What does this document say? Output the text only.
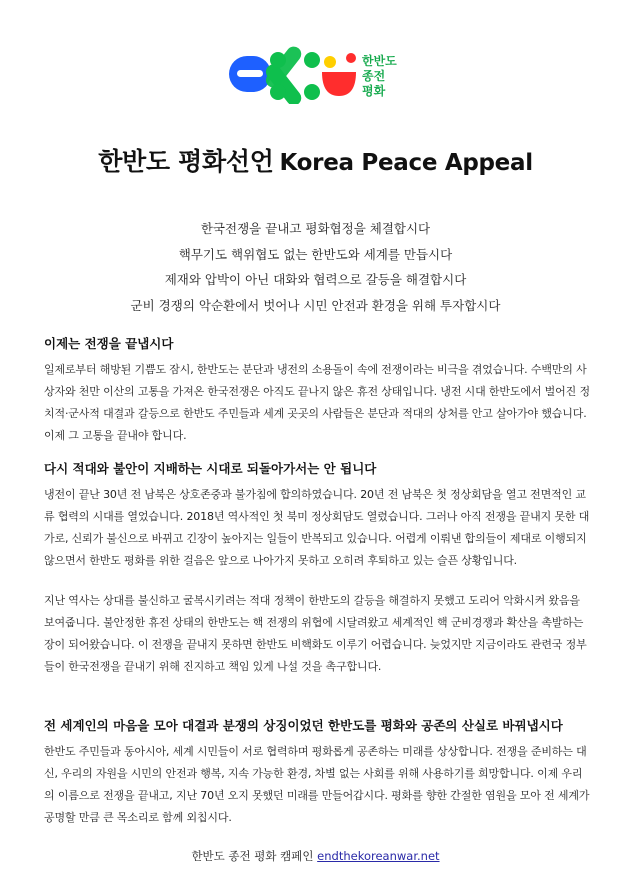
한반도
종전
평화
한반도 평화선언 Korea Peace Appeal
한국전쟁을 끝내고 평화협정을 체결합시다
핵무기도 핵위협도 없는 한반도와 세계를 만듭시다
제재와 압박이 아닌 대화와 협력으로 갈등을 해결합시다
군비 경쟁의 악순환에서 벗어나 시민 안전과 환경을 위해 투자합시다
이제는 전쟁을 끝냅시다

일제로부터 해방된 기쁨도 잠시, 한반도는 분단과 냉전의 소용돌이 속에 전쟁이라는 비극을 겪었습니다. 수백만의 사상자와 천만 이산의 고통을 가져온 한국전쟁은 아직도 끝나지 않은 휴전 상태입니다. 냉전 시대 한반도에서 벌어진 정치적·군사적 대결과 갈등으로 한반도 주민들과 세계 곳곳의 사람들은 분단과 적대의 상처를 안고 살아가야 했습니다. 이제 그 고통을 끝내야 합니다.

다시 적대와 불안이 지배하는 시대로 되돌아가서는 안 됩니다

냉전이 끝난 30년 전 남북은 상호존중과 불가침에 합의하였습니다. 20년 전 남북은 첫 정상회담을 열고 전면적인 교류 협력의 시대를 열었습니다. 2018년 역사적인 첫 북미 정상회담도 열렸습니다. 그러나 아직 전쟁을 끝내지 못한 대가로, 신뢰가 불신으로 바뀌고 긴장이 높아지는 일들이 반복되고 있습니다. 어렵게 이뤄낸 합의들이 제대로 이행되지 않으면서 한반도 평화를 위한 걸음은 앞으로 나아가지 못하고 오히려 후퇴하고 있는 슬픈 상황입니다.

지난 역사는 상대를 불신하고 굴복시키려는 적대 정책이 한반도의 갈등을 해결하지 못했고 도리어 악화시켜 왔음을 보여줍니다. 불안정한 휴전 상태의 한반도는 핵 전쟁의 위협에 시달려왔고 세계적인 핵 군비경쟁과 확산을 촉발하는 장이 되어왔습니다. 이 전쟁을 끝내지 못하면 한반도 비핵화도 이루기 어렵습니다. 늦었지만 지금이라도 관련국 정부들이 한국전쟁을 끝내기 위해 진지하고 책임 있게 나설 것을 촉구합니다.

전 세계인의 마음을 모아 대결과 분쟁의 상징이었던 한반도를 평화와 공존의 산실로 바꿔냅시다

한반도 주민들과 동아시아, 세계 시민들이 서로 협력하며 평화롭게 공존하는 미래를 상상합니다. 전쟁을 준비하는 대신, 우리의 자원을 시민의 안전과 행복, 지속 가능한 환경, 차별 없는 사회를 위해 사용하기를 희망합니다. 이제 우리의 이름으로 전쟁을 끝내고, 지난 70년 오지 못했던 미래를 만들어갑시다. 평화를 향한 간절한 염원을 모아 전 세계가 공명할 만큼 큰 목소리로 함께 외칩시다.

한반도 종전 평화 캠페인 endthekoreanwar.net
